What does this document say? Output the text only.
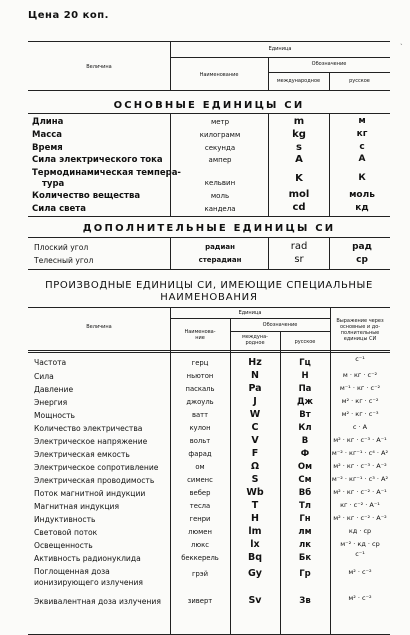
Цена 20 коп.
ˎ
Величина
Единица
Наименование
Обозначение
международное	русское
ОСНОВНЫЕ ЕДИНИЦЫ СИ
Длина	метр	m	м
Масса	килограмм	kg	кг
Время	секунда	s	с
Сила электрического тока	ампер	A	А
Термодинамическая темпера-
тура	кельвин	K	К
Количество вещества	моль	mol	моль
Сила света	кандела	cd	кд
ДОПОЛНИТЕЛЬНЫЕ ЕДИНИЦЫ СИ
Плоский угол	радиан	rad	рад
Телесный угол	стерадиан	sr	ср
ПРОИЗВОДНЫЕ ЕДИНИЦЫ СИ, ИМЕЮЩИЕ СПЕЦИАЛЬНЫЕ
НАИМЕНОВАНИЯ
Величина
Единица
Наименова-
ние
Обозначение
междуна-
родное	русское
Выражение через
основные и до-
полнительные
единицы СИ
Частота	герц	Hz	Гц	с⁻¹
Сила	ньютон	N	Н	м · кг · с⁻²
Давление	паскаль	Pa	Па	м⁻¹ · кг · с⁻²
Энергия	джоуль	J	Дж	м² · кг · с⁻²
Мощность	ватт	W	Вт	м² · кг · с⁻³
Количество электричества	кулон	C	Кл	с · А
Электрическое напряжение	вольт	V	В	м² · кг · с⁻³ · А⁻¹
Электрическая емкость	фарад	F	Ф	м⁻² · кг⁻¹ · с⁴ · А²
Электрическое сопротивление	ом	Ω	Ом	м² · кг · с⁻³ · А⁻²
Электрическая проводимость	сименс	S	См	м⁻² · кг⁻¹ · с³ · А²
Поток магнитной индукции	вебер	Wb	Вб	м² · кг · с⁻² · А⁻¹
Магнитная индукция	тесла	T	Тл	кг · с⁻² · А⁻¹
Индуктивность	генри	H	Гн	м² · кг · с⁻² · А⁻²
Световой поток	люмен	lm	лм	кд · ср
Освещенность	люкс	lx	лк	м⁻² · кд · ср
Активность радионуклида	беккерель	Bq	Бк	с⁻¹
Поглощенная доза
ионизирующего излучения
грэй	Gy	Гр	м² · с⁻²
Эквивалентная доза излучения	зиверт	Sv	Зв	м² · с⁻²
